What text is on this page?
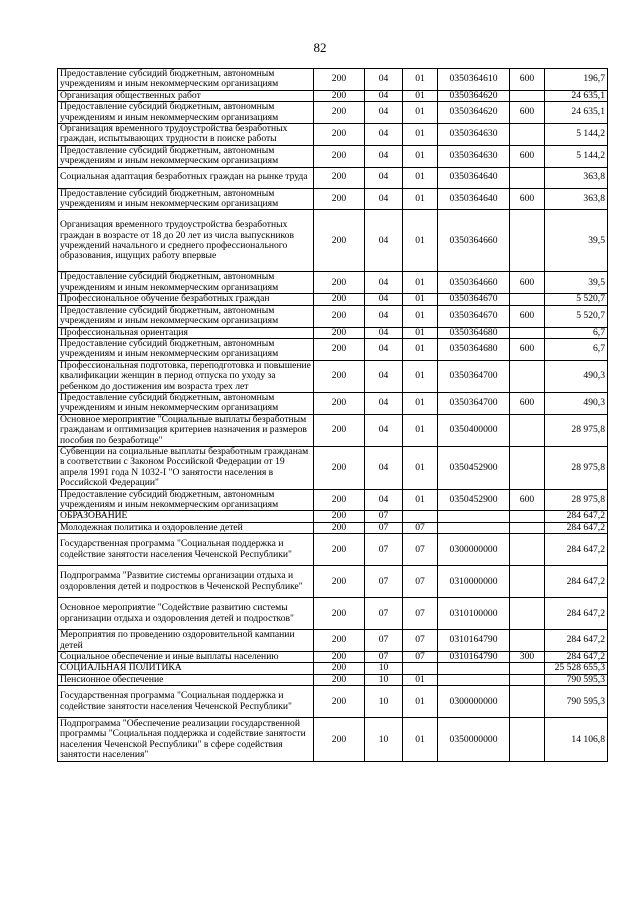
82
Предоставление субсидий бюджетным, автономным учреждениям и иным некоммерческим организациям	200	04	01	0350364610	600	196,7
Организация общественных работ	200	04	01	0350364620		24 635,1
Предоставление субсидий бюджетным, автономным учреждениям и иным некоммерческим организациям	200	04	01	0350364620	600	24 635,1
Организация временного трудоустройства безработных граждан, испытывающих трудности в поиске работы	200	04	01	0350364630		5 144,2
Предоставление субсидий бюджетным, автономным учреждениям и иным некоммерческим организациям	200	04	01	0350364630	600	5 144,2
Социальная адаптация безработных граждан на рынке труда	200	04	01	0350364640		363,8
Предоставление субсидий бюджетным, автономным учреждениям и иным некоммерческим организациям	200	04	01	0350364640	600	363,8
Организация временного трудоустройства безработных граждан в возрасте от 18 до 20 лет из числа выпускников учреждений начального и среднего профессионального образования, ищущих работу впервые	200	04	01	0350364660		39,5
Предоставление субсидий бюджетным, автономным учреждениям и иным некоммерческим организациям	200	04	01	0350364660	600	39,5
Профессиональное обучение безработных граждан	200	04	01	0350364670		5 520,7
Предоставление субсидий бюджетным, автономным учреждениям и иным некоммерческим организациям	200	04	01	0350364670	600	5 520,7
Профессиональная ориентация	200	04	01	0350364680		6,7
Предоставление субсидий бюджетным, автономным учреждениям и иным некоммерческим организациям	200	04	01	0350364680	600	6,7
Профессиональная подготовка, переподготовка и повышение квалификации женщин в период отпуска по уходу за ребенком до достижения им возраста трех лет	200	04	01	0350364700		490,3
Предоставление субсидий бюджетным, автономным учреждениям и иным некоммерческим организациям	200	04	01	0350364700	600	490,3
Основное мероприятие "Социальные выплаты безработным гражданам и оптимизация критериев назначения и размеров пособия по безработице"	200	04	01	0350400000		28 975,8
Субвенции на социальные выплаты безработным гражданам в соответствии с Законом Российской Федерации от 19 апреля 1991 года N 1032-I "О занятости населения в Российской Федерации"	200	04	01	0350452900		28 975,8
Предоставление субсидий бюджетным, автономным учреждениям и иным некоммерческим организациям	200	04	01	0350452900	600	28 975,8
ОБРАЗОВАНИЕ	200	07				284 647,2
Молодежная политика и оздоровление детей	200	07	07			284 647,2
Государственная программа "Социальная поддержка и содействие занятости населения Чеченской Республики"	200	07	07	0300000000		284 647,2
Подпрограмма "Развитие системы организации отдыха и оздоровления детей и подростков в Чеченской Республике"	200	07	07	0310000000		284 647,2
Основное мероприятие "Содействие развитию системы организации отдыха и оздоровления детей и подростков"	200	07	07	0310100000		284 647,2
Мероприятия по проведению оздоровительной кампании детей	200	07	07	0310164790		284 647,2
Социальное обеспечение и иные выплаты населению	200	07	07	0310164790	300	284 647,2
СОЦИАЛЬНАЯ ПОЛИТИКА	200	10				25 528 655,3
Пенсионное обеспечение	200	10	01			790 595,3
Государственная программа "Социальная поддержка и содействие занятости населения Чеченской Республики"	200	10	01	0300000000		790 595,3
Подпрограмма "Обеспечение реализации государственной программы "Социальная поддержка и содействие занятости населения Чеченской Республики" в сфере содействия занятости населения"	200	10	01	0350000000		14 106,8
